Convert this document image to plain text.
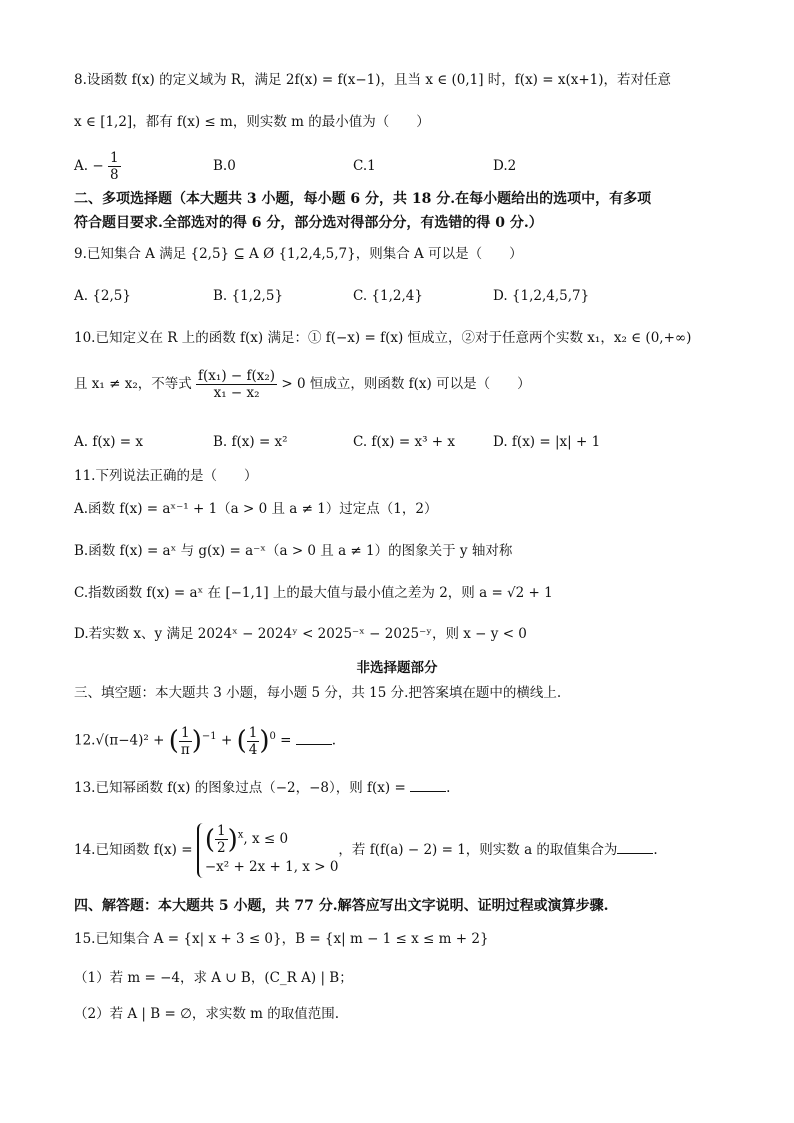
8.设函数 f(x) 的定义域为 R，满足 2f(x) = f(x−1)，且当 x ∈ (0,1] 时，f(x) = x(x+1)，若对任意
x ∈ [1,2]，都有 f(x) ≤ m，则实数 m 的最小值为（　　）
A. − $\frac{1}{8}$	B.0	C.1	D.2
二、多项选择题（本大题共 3 小题，每小题 6 分，共 18 分.在每小题给出的选项中，有多项
符合题目要求.全部选对的得 6 分，部分选对得部分分，有选错的得 0 分.）
9.已知集合 A 满足 {2,5} ⊆ A Ø {1,2,4,5,7}，则集合 A 可以是（　　）
A. {2,5}	B. {1,2,5}	C. {1,2,4}	D. {1,2,4,5,7}
10.已知定义在 R 上的函数 f(x) 满足：① f(−x) = f(x) 恒成立，②对于任意两个实数 x₁，x₂ ∈ (0,+∞)
且 x₁ ≠ x₂，不等式 $\frac{\text{f(x₁) − f(x₂)}}{\text{x₁ − x₂}} > 0$ 恒成立，则函数 f(x) 可以是（　　）
A. f(x) = x	B. f(x) = x²	C. f(x) = x³ + x	D. f(x) = |x| + 1
11.下列说法正确的是（　　）
A.函数 f(x) = aˣ⁻¹ + 1（a > 0 且 a ≠ 1）过定点（1，2）
B.函数 f(x) = aˣ 与 g(x) = a⁻ˣ（a > 0 且 a ≠ 1）的图象关于 y 轴对称
C.指数函数 f(x) = aˣ 在 [−1,1] 上的最大值与最小值之差为 2，则 a = √2 + 1
D.若实数 x、y 满足 2024ˣ − 2024ʸ < 2025⁻ˣ − 2025⁻ʸ，则 x − y < 0
非选择题部分
三、填空题：本大题共 3 小题，每小题 5 分，共 15 分.把答案填在题中的横线上.
12.√(π−4)² + ( $\frac{1}{\pi} )^{-1}$ + ( $\frac{1}{4} )^0$ =	.
13.已知幂函数 f(x) 的图象过点（−2，−8），则 f(x) =	.
14.已知函数 f(x) = ( $\frac{1}{2} )^x$, x ≤ 0
−x² + 2x + 1, x > 0
，若 f(f(a) − 2) = 1，则实数 a 的取值集合为	.
四、解答题：本大题共 5 小题，共 77 分.解答应写出文字说明、证明过程或演算步骤.
15.已知集合 A = {x| x + 3 ≤ 0}，B = {x| m − 1 ≤ x ≤ m + 2}
（1）若 m = −4，求 A ∪ B，(C_R A) | B；
（2）若 A | B = ∅，求实数 m 的取值范围.
